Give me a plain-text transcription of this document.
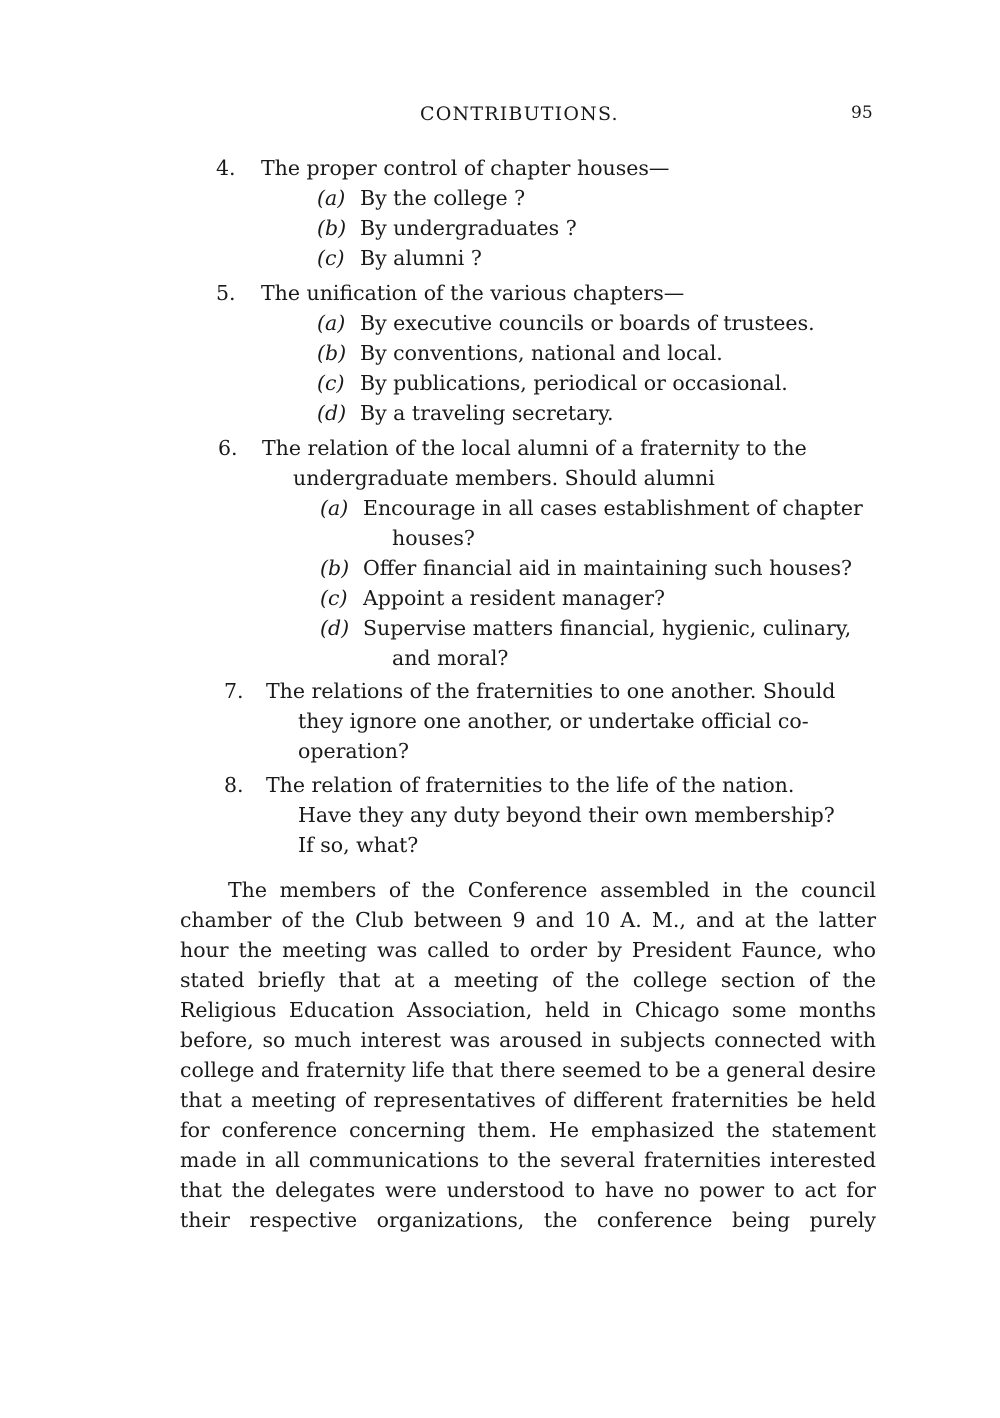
CONTRIBUTIONS.	95
4. The proper control of chapter houses—
(a) By the college ?
(b) By undergraduates ?
(c) By alumni ?
5. The unification of the various chapters—
(a) By executive councils or boards of trustees.
(b) By conventions, national and local.
(c) By publications, periodical or occasional.
(d) By a traveling secretary.
6. The relation of the local alumni of a fraternity to the
undergraduate members. Should alumni
(a) Encourage in all cases establishment of chapter
houses?
(b) Offer financial aid in maintaining such houses?
(c) Appoint a resident manager?
(d) Supervise matters financial, hygienic, culinary,
and moral?
7. The relations of the fraternities to one another. Should
they ignore one another, or undertake official co-
operation?
8. The relation of fraternities to the life of the nation.
Have they any duty beyond their own membership?
If so, what?
The members of the Conference assembled in the council
chamber of the Club between 9 and 10 A. M., and at the latter
hour the meeting was called to order by President Faunce, who
stated briefly that at a meeting of the college section of the
Religious Education Association, held in Chicago some months
before, so much interest was aroused in subjects connected with
college and fraternity life that there seemed to be a general desire
that a meeting of representatives of different fraternities be held
for conference concerning them. He emphasized the statement
made in all communications to the several fraternities interested
that the delegates were understood to have no power to act for
their respective organizations, the conference being purely
